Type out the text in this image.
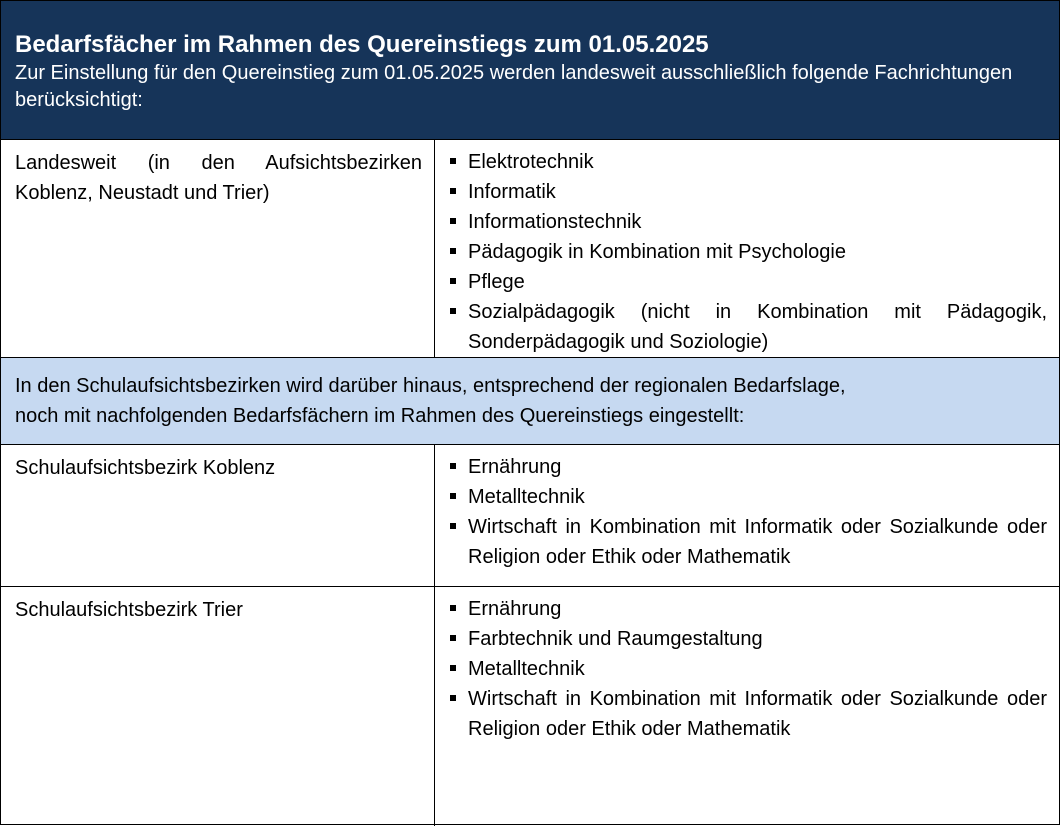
Bedarfsfächer im Rahmen des Quereinstiegs zum 01.05.2025

Zur Einstellung für den Quereinstieg zum 01.05.2025 werden landesweit ausschließlich folgende Fachrichtungen berücksichtigt:

Landesweit (in den Aufsichtsbezirken Koblenz, Neustadt und Trier)
Elektrotechnik
Informatik
Informationstechnik
Pädagogik in Kombination mit Psychologie
Pflege
Sozialpädagogik (nicht in Kombination mit Pädagogik, Sonderpädagogik und Soziologie)

In den Schulaufsichtsbezirken wird darüber hinaus, entsprechend der regionalen Bedarfslage,

noch mit nachfolgenden Bedarfsfächern im Rahmen des Quereinstiegs eingestellt:

Schulaufsichtsbezirk Koblenz	Ernährung
Metalltechnik
Wirtschaft in Kombination mit Informatik oder Sozialkunde oder Religion oder Ethik oder Mathematik
Schulaufsichtsbezirk Trier	Ernährung
Farbtechnik und Raumgestaltung
Metalltechnik
Wirtschaft in Kombination mit Informatik oder Sozialkunde oder Religion oder Ethik oder Mathematik
